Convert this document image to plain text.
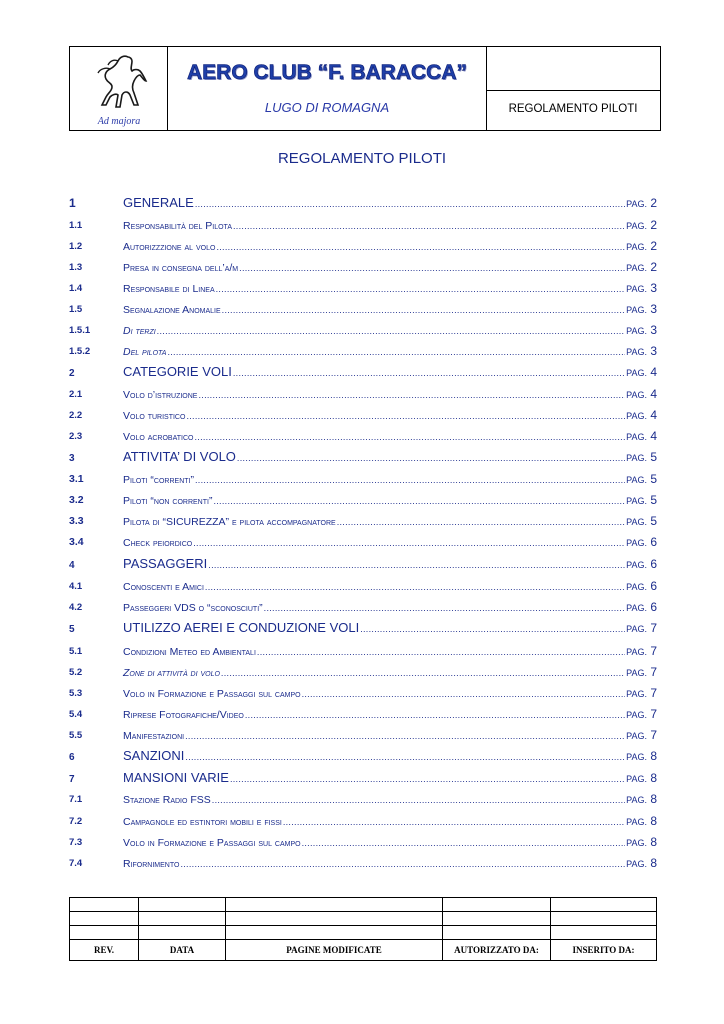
Ad majora
AERO CLUB “F. BARACCA”
LUGO DI ROMAGNA	REGOLAMENTO PILOTI
REGOLAMENTO PILOTI
1	GENERALE .....	PAG. 2
1.1	Responsabilità del Pilota .....	PAG. 2
1.2	Autorizzzione al volo .....	PAG. 2
1.3	Presa in consegna dell’a/m .....	PAG. 2
1.4	Responsabile di Linea .....	PAG. 3
1.5	Segnalazione Anomalie .....	PAG. 3
1.5.1	Di terzi .....	PAG. 3
1.5.2	Del pilota .....	PAG. 3
2	CATEGORIE VOLI .....	PAG. 4
2.1	Volo d’istruzione .....	PAG. 4
2.2	Volo turistico .....	PAG. 4
2.3	Volo acrobatico .....	PAG. 4
3	ATTIVITA’ DI VOLO .....	PAG. 5
3.1	Piloti “correnti” .....	PAG. 5
3.2	Piloti “non correnti” .....	PAG. 5
3.3	Pilota di “SICUREZZA” e pilota accompagnatore .....	PAG. 5
3.4	Check peiordico .....	PAG. 6
4	PASSAGGERI .....	PAG. 6
4.1	Conoscenti e Amici .....	PAG. 6
4.2	Passeggeri VDS o “sconosciuti” .....	PAG. 6
5	UTILIZZO AEREI E CONDUZIONE VOLI .....	PAG. 7
5.1	Condizioni Meteo ed Ambientali .....	PAG. 7
5.2	Zone di attività di volo .....	PAG. 7
5.3	Volo in Formazione e Passaggi sul campo .....	PAG. 7
5.4	Riprese Fotografiche/Video .....	PAG. 7
5.5	Manifestazioni .....	PAG. 7
6	SANZIONI .....	PAG. 8
7	MANSIONI VARIE .....	PAG. 8
7.1	Stazione Radio FSS .....	PAG. 8
7.2	Campagnole ed estintori mobili e fissi .....	PAG. 8
7.3	Volo in Formazione e Passaggi sul campo .....	PAG. 8
7.4	Rifornimento .....	PAG. 8

REV.	DATA	PAGINE MODIFICATE	AUTORIZZATO DA:	INSERITO DA:
